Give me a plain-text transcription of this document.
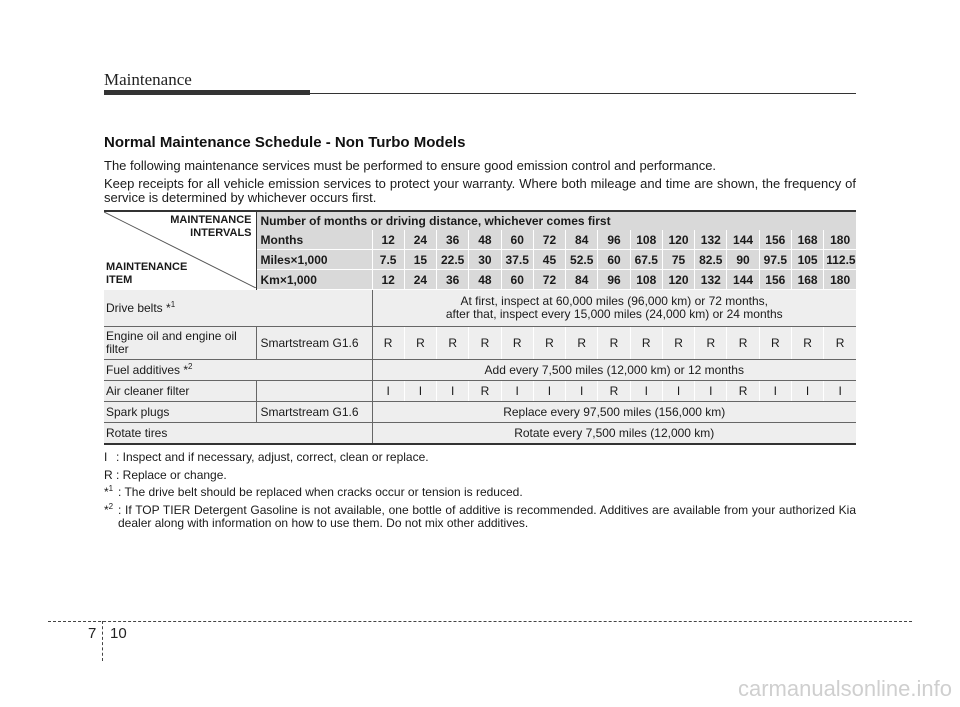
Maintenance
Normal Maintenance Schedule - Non Turbo Models
The following maintenance services must be performed to ensure good emission control and performance.
Keep receipts for all vehicle emission services to protect your warranty. Where both mileage and time are shown, the frequency of service is determined by whichever occurs first.
MAINTENANCE
INTERVALS
MAINTENANCE
ITEM	Number of months or driving distance, whichever comes first															
	Months	12	24	36	48	60	72	84	96	108	120	132	144	156	168	180
	Miles×1,000	7.5	15	22.5	30	37.5	45	52.5	60	67.5	75	82.5	90	97.5	105	112.5
	Km×1,000	12	24	36	48	60	72	84	96	108	120	132	144	156	168	180
Drive belts *$^1$		At first, inspect at 60,000 miles (96,000 km) or 72 months,
after that, inspect every 15,000 miles (24,000 km) or 24 months														

Engine oil and engine oil filter	Smartstream G1.6	R	R	R	R	R	R	R	R	R	R	R	R	R	R	R
Fuel additives *$^2$		Add every 7,500 miles (12,000 km) or 12 months														
Air cleaner filter		I	I	I	R	I	I	I	R	I	I	I	R	I	I	I
Spark plugs	Smartstream G1.6	Replace every 97,500 miles (156,000 km)														
Rotate tires		Rotate every 7,500 miles (12,000 km)														
I : Inspect and if necessary, adjust, correct, clean or replace.
R : Replace or change.
*$^1$ : The drive belt should be replaced when cracks occur or tension is reduced.
*$^2$ : If TOP TIER Detergent Gasoline is not available, one bottle of additive is recommended. Additives are available from your authorized Kia dealer along with information on how to use them. Do not mix other additives.
7 10
carmanualsonline.info
